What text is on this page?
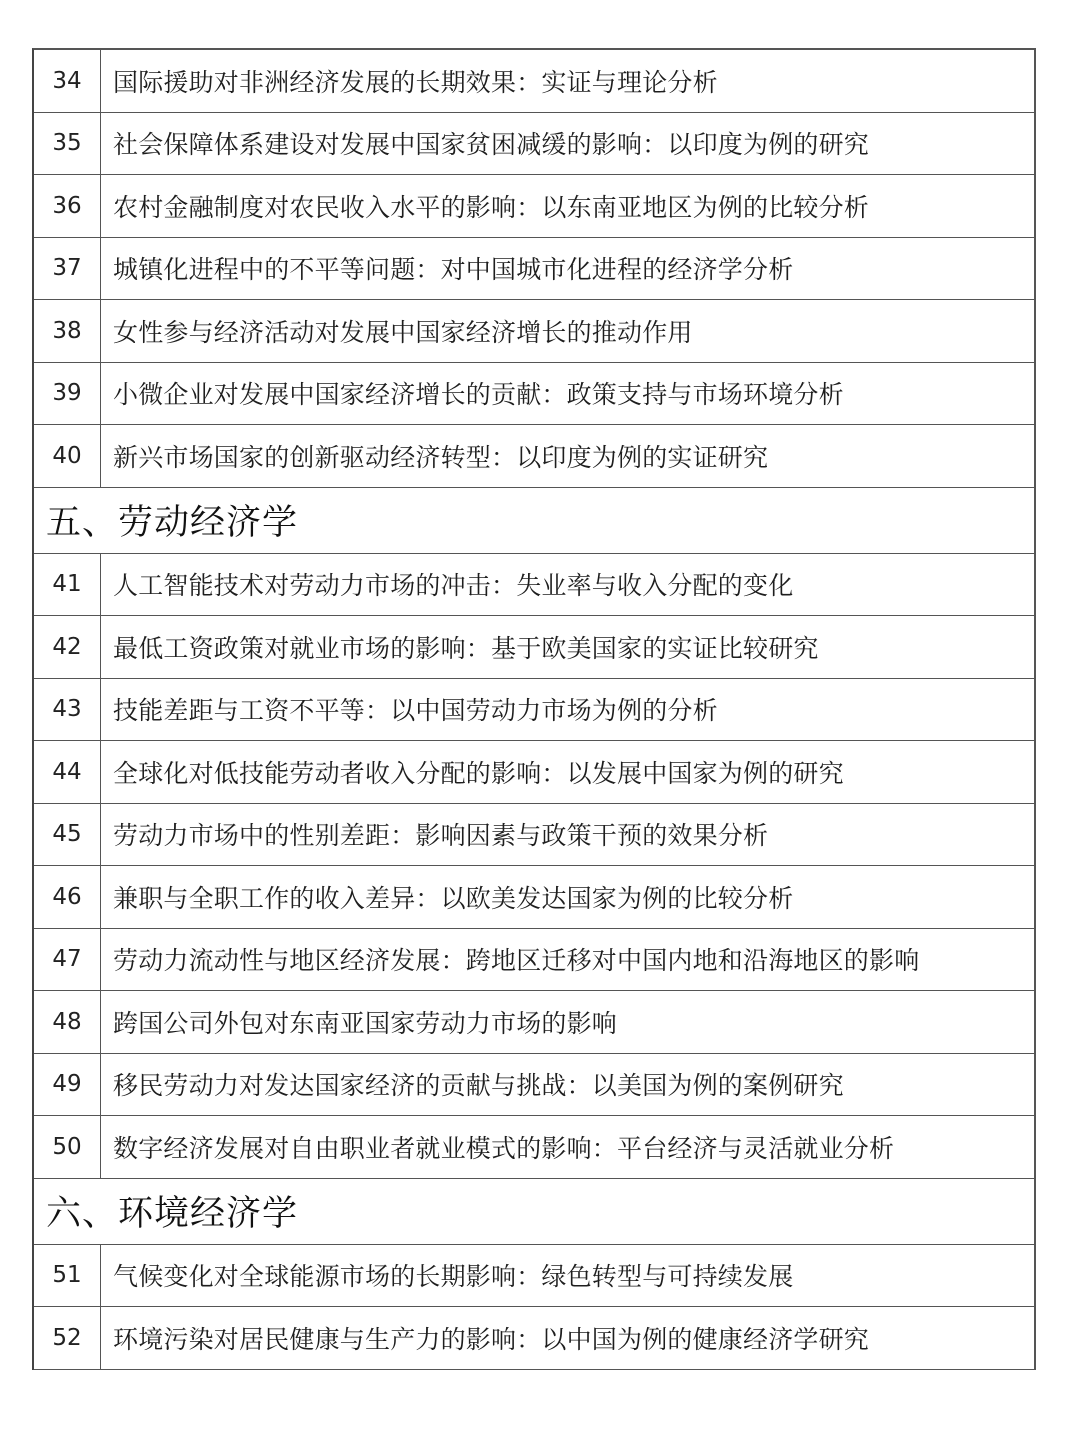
34	国际援助对非洲经济发展的长期效果：实证与理论分析
35	社会保障体系建设对发展中国家贫困减缓的影响：以印度为例的研究
36	农村金融制度对农民收入水平的影响：以东南亚地区为例的比较分析
37	城镇化进程中的不平等问题：对中国城市化进程的经济学分析
38	女性参与经济活动对发展中国家经济增长的推动作用
39	小微企业对发展中国家经济增长的贡献：政策支持与市场环境分析
40	新兴市场国家的创新驱动经济转型：以印度为例的实证研究
五、劳动经济学
41	人工智能技术对劳动力市场的冲击：失业率与收入分配的变化
42	最低工资政策对就业市场的影响：基于欧美国家的实证比较研究
43	技能差距与工资不平等：以中国劳动力市场为例的分析
44	全球化对低技能劳动者收入分配的影响：以发展中国家为例的研究
45	劳动力市场中的性别差距：影响因素与政策干预的效果分析
46	兼职与全职工作的收入差异：以欧美发达国家为例的比较分析
47	劳动力流动性与地区经济发展：跨地区迁移对中国内地和沿海地区的影响
48	跨国公司外包对东南亚国家劳动力市场的影响
49	移民劳动力对发达国家经济的贡献与挑战：以美国为例的案例研究
50	数字经济发展对自由职业者就业模式的影响：平台经济与灵活就业分析
六、环境经济学
51	气候变化对全球能源市场的长期影响：绿色转型与可持续发展
52	环境污染对居民健康与生产力的影响：以中国为例的健康经济学研究
